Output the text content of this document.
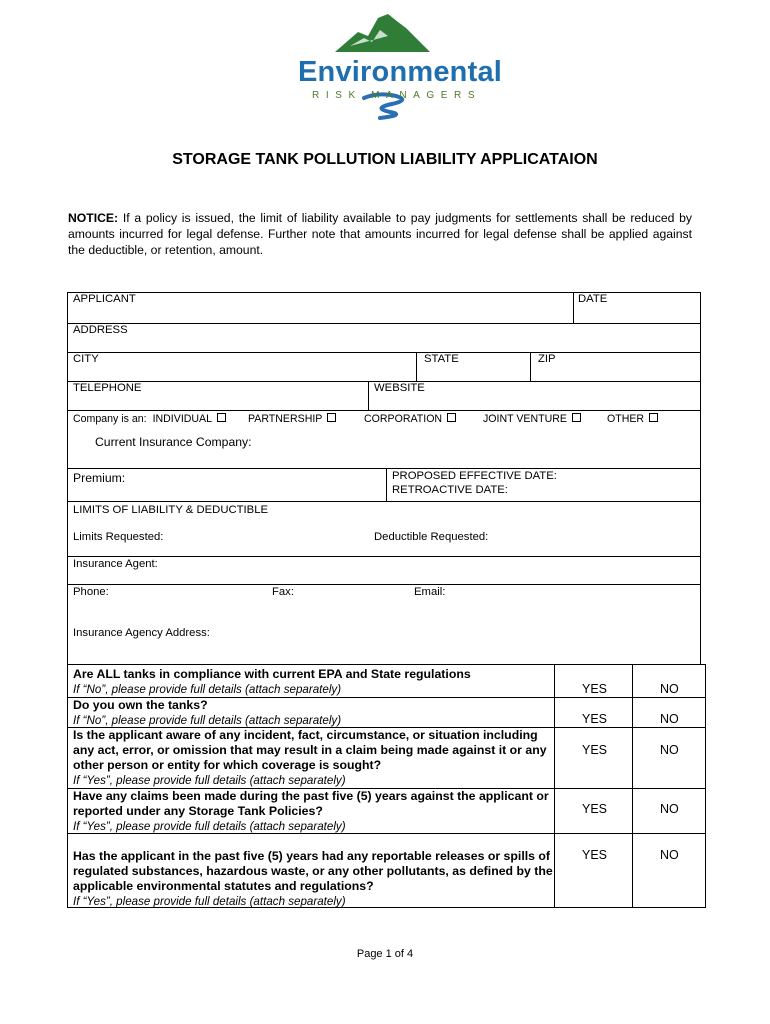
Environmental
RISK MANAGERS
STORAGE TANK POLLUTION LIABILITY APPLICATAION
NOTICE: If a policy is issued, the limit of liability available to pay judgments for settlements shall be reduced by amounts incurred for legal defense. Further note that amounts incurred for legal defense shall be applied against the deductible, or retention, amount.
APPLICANT	DATE
ADDRESS
CITY	STATE	ZIP
TELEPHONE	WEBSITE
Company is an: INDIVIDUAL	PARTNERSHIP	CORPORATION	JOINT VENTURE	OTHER
Current Insurance Company:
Premium:	PROPOSED EFFECTIVE DATE:
RETROACTIVE DATE:
LIMITS OF LIABILITY & DEDUCTIBLE
Limits Requested:	Deductible Requested:
Insurance Agent:
Phone:	Fax:	Email:
Insurance Agency Address:
Are ALL tanks in compliance with current EPA and State regulations
If “No”, please provide full details (attach separately)	YES	NO
Do you own the tanks?
If “No”, please provide full details (attach separately)	YES	NO
Is the applicant aware of any incident, fact, circumstance, or situation including any act, error, or omission that may result in a claim being made against it or any other person or entity for which coverage is sought?
If “Yes”, please provide full details (attach separately)
YES	NO
Have any claims been made during the past five (5) years against the applicant or reported under any Storage Tank Policies?
If “Yes”, please provide full details (attach separately)
YES	NO
Has the applicant in the past five (5) years had any reportable releases or spills of regulated substances, hazardous waste, or any other pollutants, as defined by the applicable environmental statutes and regulations?
If “Yes”, please provide full details (attach separately)
YES	NO
Page 1 of 4
